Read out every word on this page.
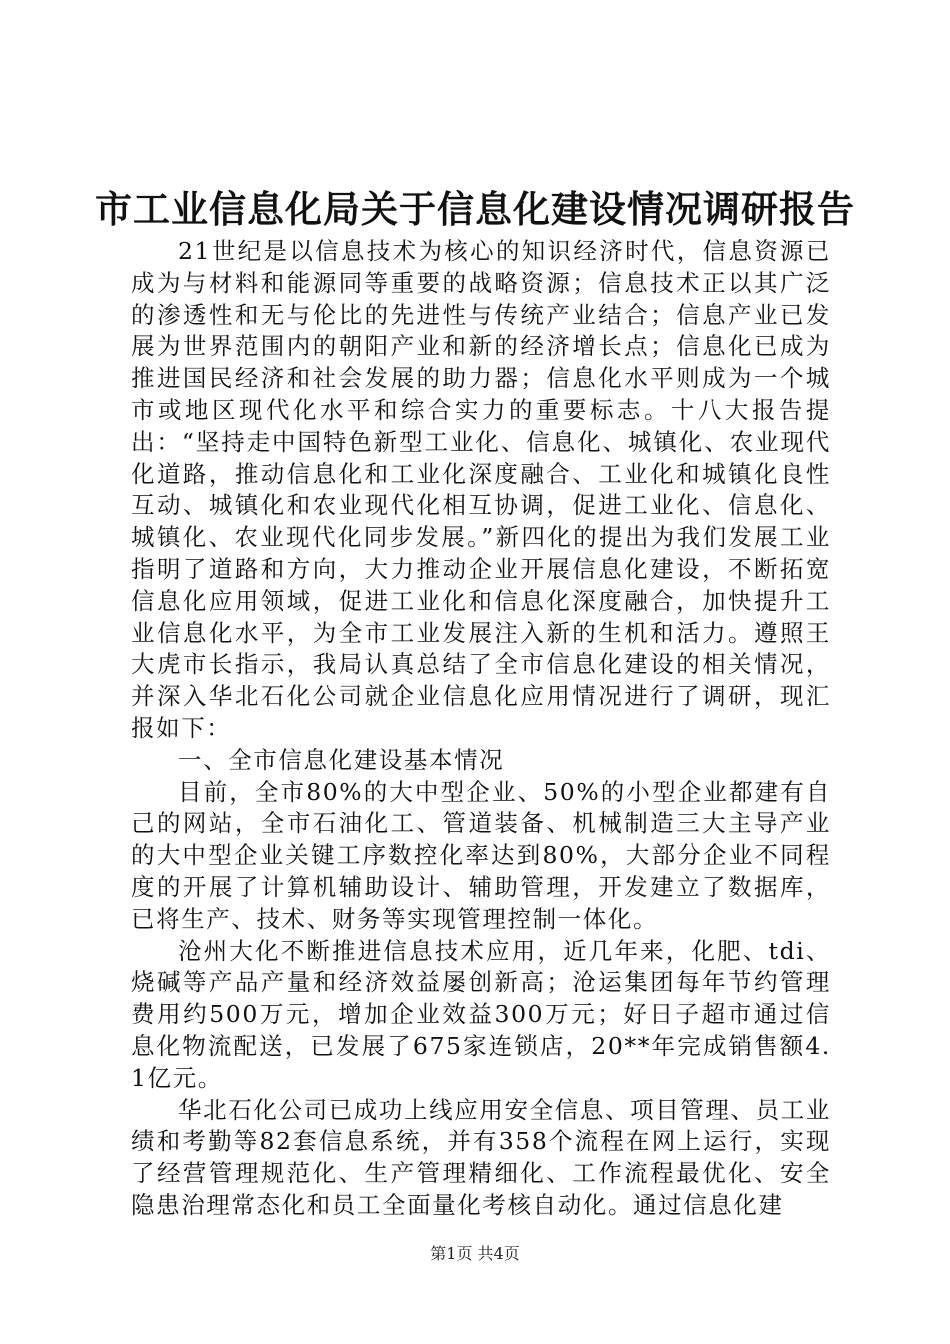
市工业信息化局关于信息化建设情况调研报告

21世纪是以信息技术为核心的知识经济时代，信息资源已成为与材料和能源同等重要的战略资源；信息技术正以其广泛的渗透性和无与伦比的先进性与传统产业结合；信息产业已发展为世界范围内的朝阳产业和新的经济增长点；信息化已成为推进国民经济和社会发展的助力器；信息化水平则成为一个城市或地区现代化水平和综合实力的重要标志。十八大报告提出：“坚持走中国特色新型工业化、信息化、城镇化、农业现代化道路，推动信息化和工业化深度融合、工业化和城镇化良性互动、城镇化和农业现代化相互协调，促进工业化、信息化、城镇化、农业现代化同步发展。”新四化的提出为我们发展工业指明了道路和方向，大力推动企业开展信息化建设，不断拓宽信息化应用领域，促进工业化和信息化深度融合，加快提升工业信息化水平，为全市工业发展注入新的生机和活力。遵照王大虎市长指示，我局认真总结了全市信息化建设的相关情况，并深入华北石化公司就企业信息化应用情况进行了调研，现汇报如下：

一、全市信息化建设基本情况

目前，全市80%的大中型企业、50%的小型企业都建有自己的网站，全市石油化工、管道装备、机械制造三大主导产业的大中型企业关键工序数控化率达到80%，大部分企业不同程度的开展了计算机辅助设计、辅助管理，开发建立了数据库，已将生产、技术、财务等实现管理控制一体化。

沧州大化不断推进信息技术应用，近几年来，化肥、tdi、烧碱等产品产量和经济效益屡创新高；沧运集团每年节约管理费用约500万元，增加企业效益300万元；好日子超市通过信息化物流配送，已发展了675家连锁店，20**年完成销售额4.1亿元。

华北石化公司已成功上线应用安全信息、项目管理、员工业绩和考勤等82套信息系统，并有358个流程在网上运行，实现了经营管理规范化、生产管理精细化、工作流程最优化、安全隐患治理常态化和员工全面量化考核自动化。通过信息化建

第1页 共4页
